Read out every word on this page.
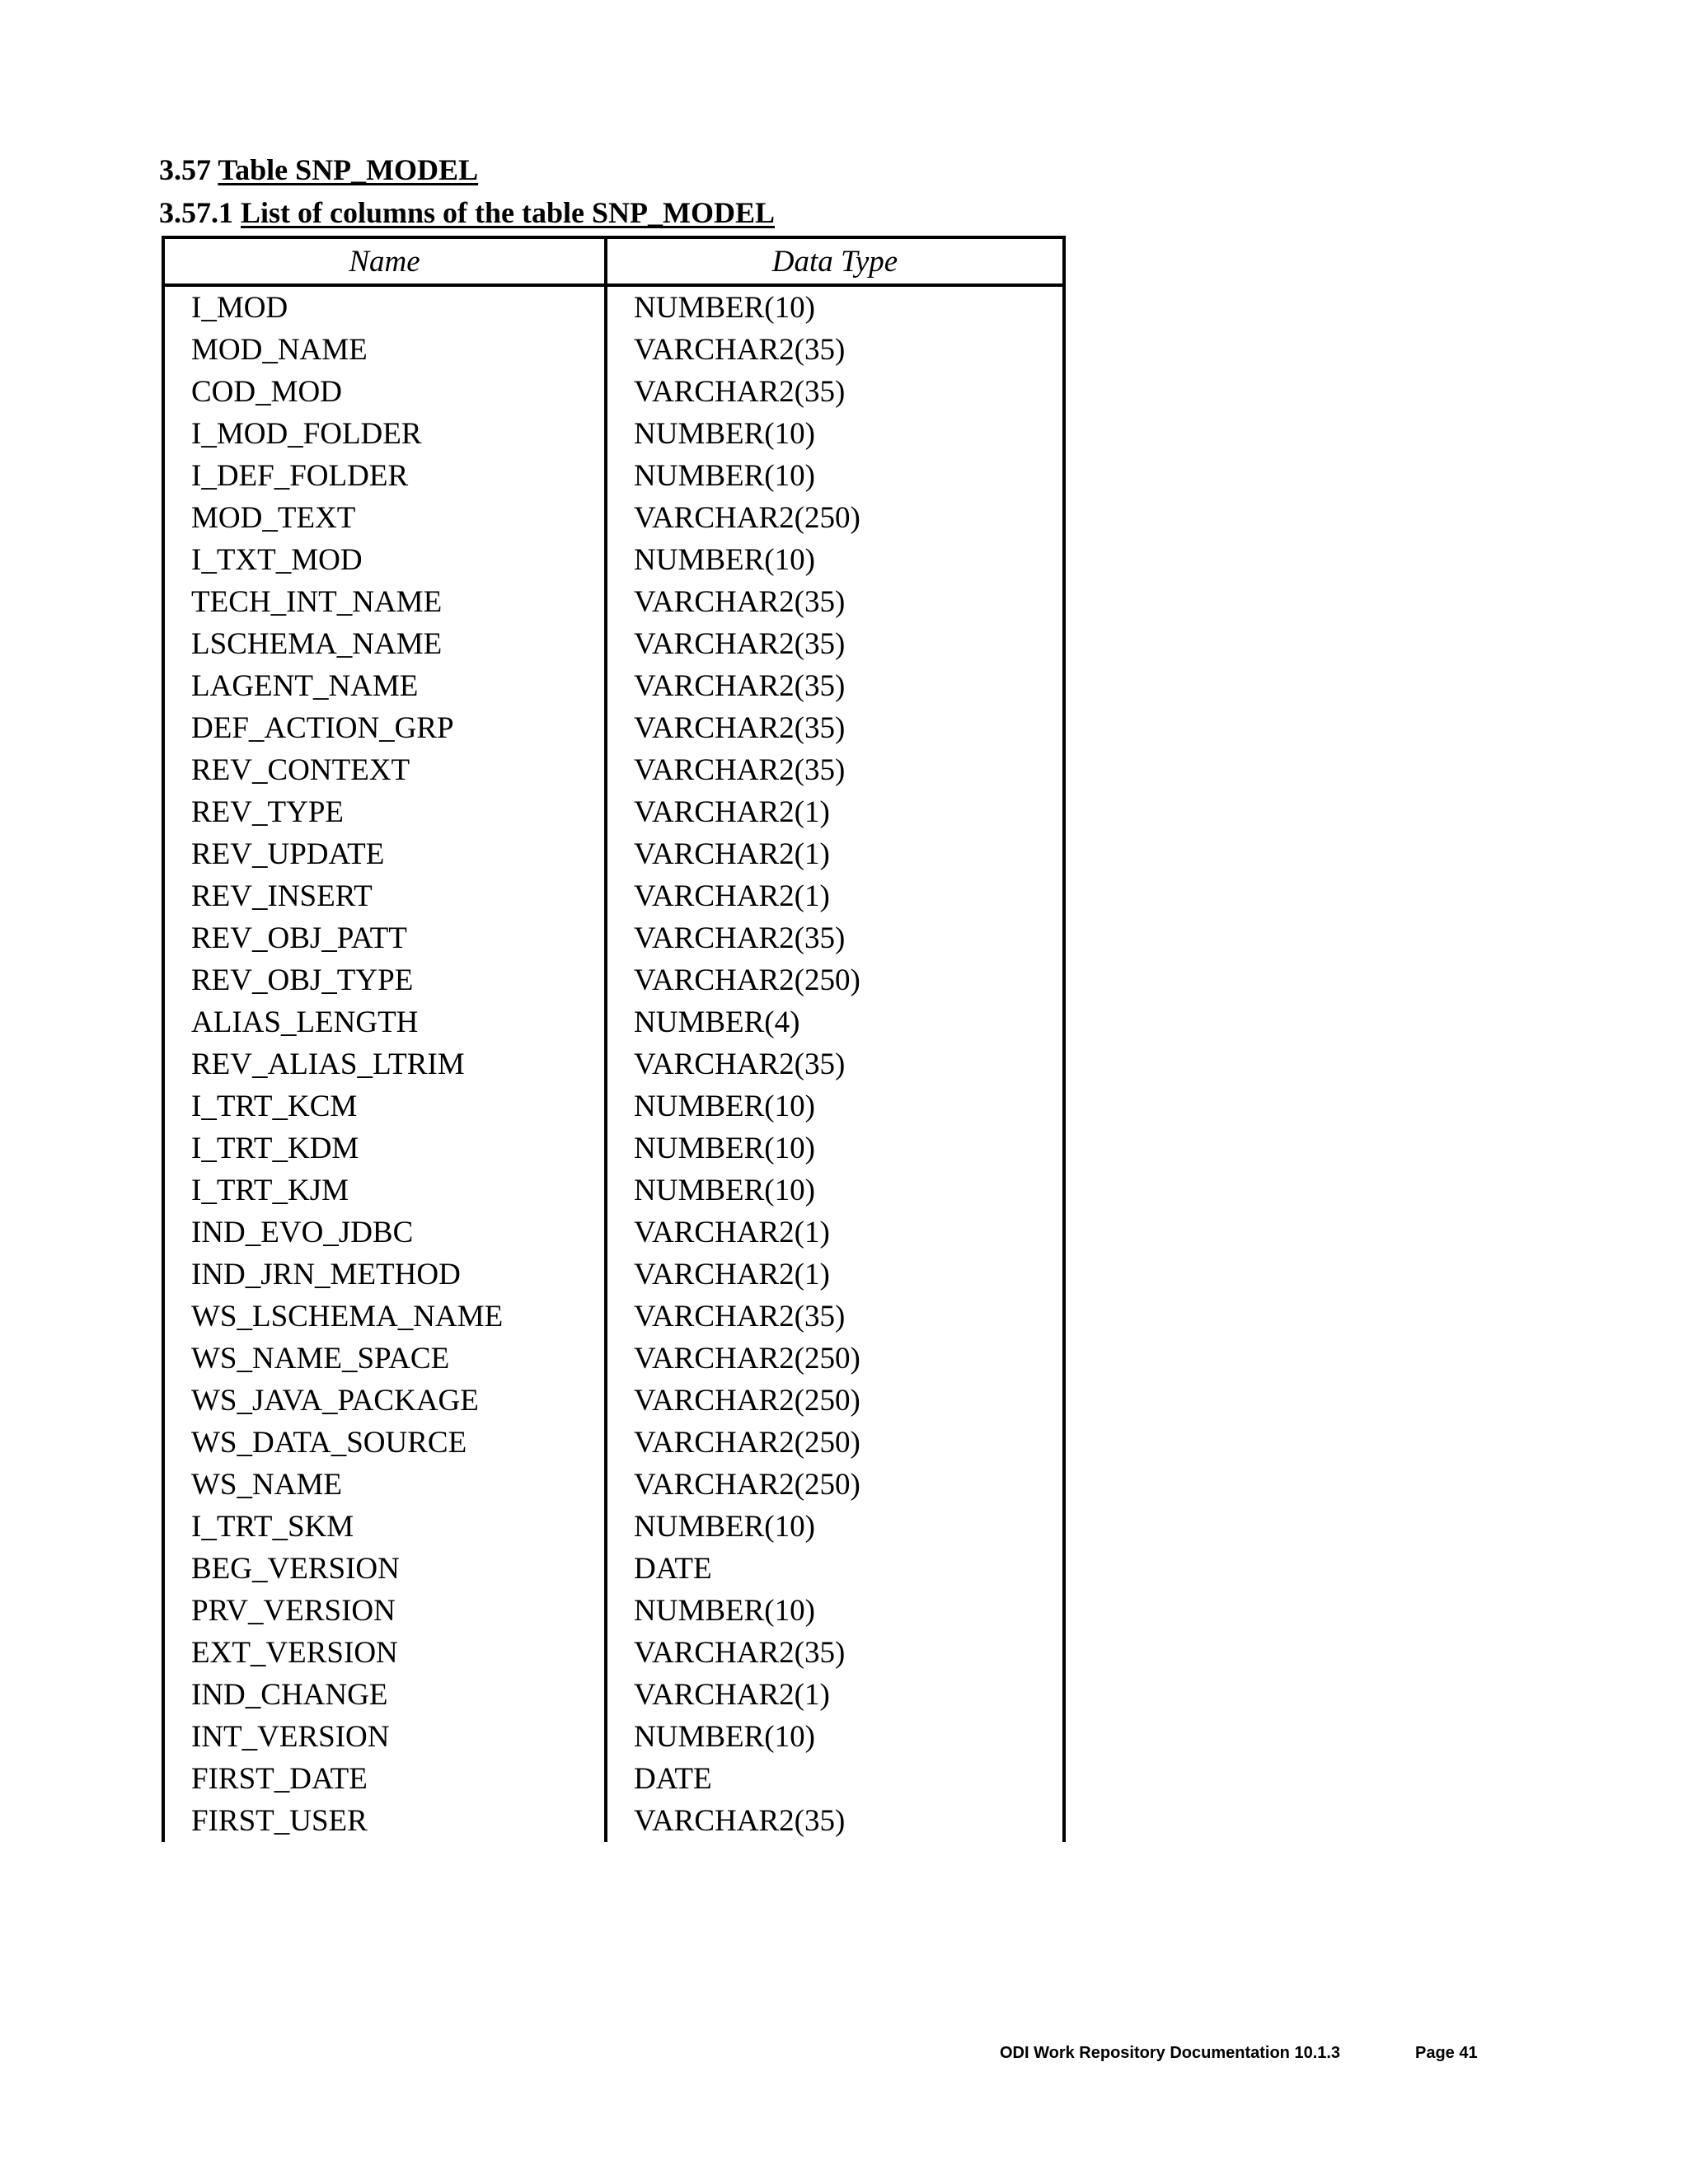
3.57 Table SNP_MODEL
3.57.1 List of columns of the table SNP_MODEL
Name	Data Type
I_MOD	NUMBER(10)
MOD_NAME	VARCHAR2(35)
COD_MOD	VARCHAR2(35)
I_MOD_FOLDER	NUMBER(10)
I_DEF_FOLDER	NUMBER(10)
MOD_TEXT	VARCHAR2(250)
I_TXT_MOD	NUMBER(10)
TECH_INT_NAME	VARCHAR2(35)
LSCHEMA_NAME	VARCHAR2(35)
LAGENT_NAME	VARCHAR2(35)
DEF_ACTION_GRP	VARCHAR2(35)
REV_CONTEXT	VARCHAR2(35)
REV_TYPE	VARCHAR2(1)
REV_UPDATE	VARCHAR2(1)
REV_INSERT	VARCHAR2(1)
REV_OBJ_PATT	VARCHAR2(35)
REV_OBJ_TYPE	VARCHAR2(250)
ALIAS_LENGTH	NUMBER(4)
REV_ALIAS_LTRIM	VARCHAR2(35)
I_TRT_KCM	NUMBER(10)
I_TRT_KDM	NUMBER(10)
I_TRT_KJM	NUMBER(10)
IND_EVO_JDBC	VARCHAR2(1)
IND_JRN_METHOD	VARCHAR2(1)
WS_LSCHEMA_NAME	VARCHAR2(35)
WS_NAME_SPACE	VARCHAR2(250)
WS_JAVA_PACKAGE	VARCHAR2(250)
WS_DATA_SOURCE	VARCHAR2(250)
WS_NAME	VARCHAR2(250)
I_TRT_SKM	NUMBER(10)
BEG_VERSION	DATE
PRV_VERSION	NUMBER(10)
EXT_VERSION	VARCHAR2(35)
IND_CHANGE	VARCHAR2(1)
INT_VERSION	NUMBER(10)
FIRST_DATE	DATE
FIRST_USER	VARCHAR2(35)
ODI Work Repository Documentation 10.1.3	Page 41
